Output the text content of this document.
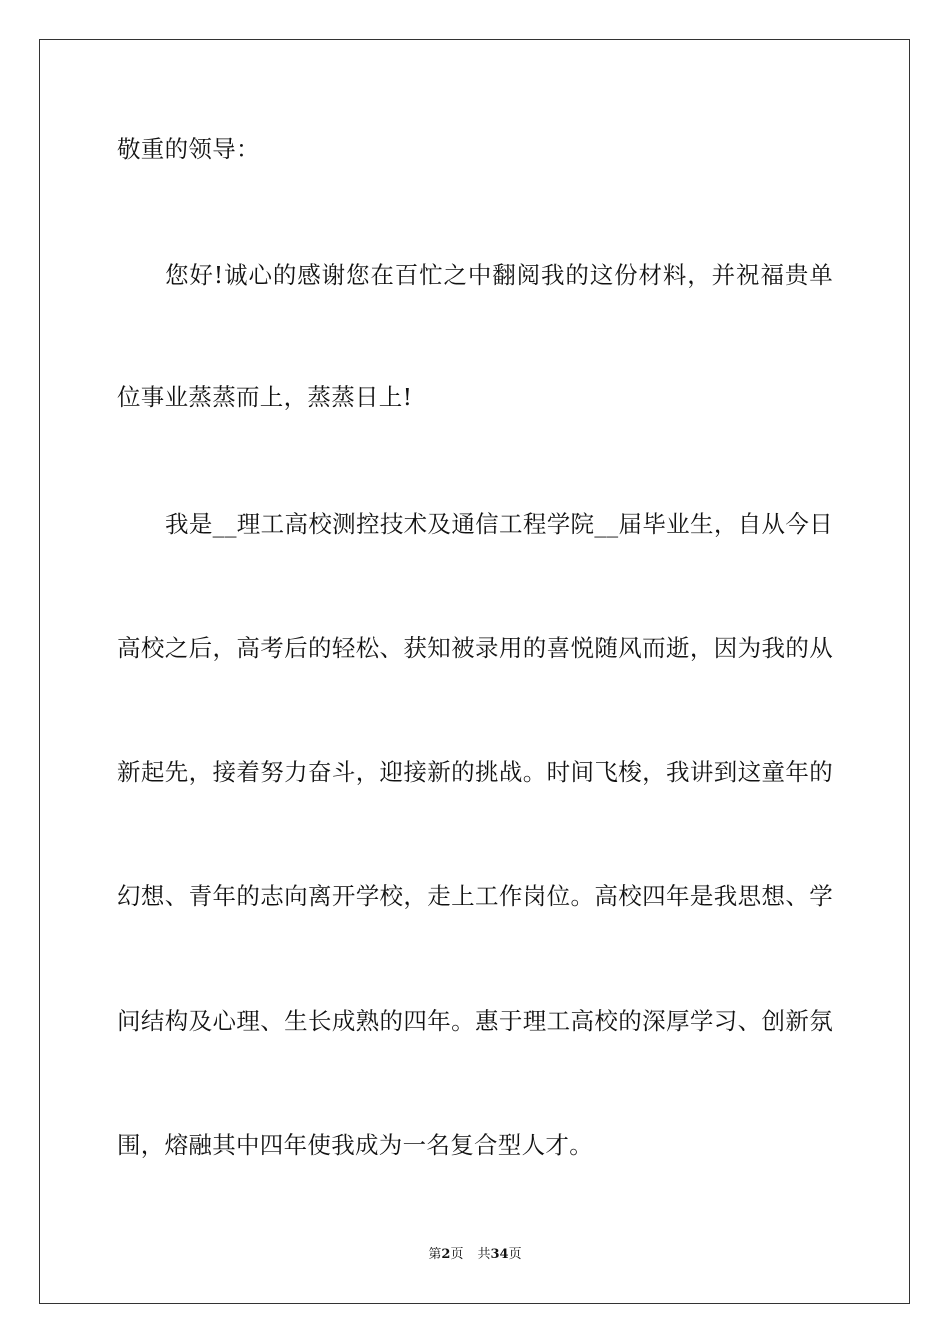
敬重的领导：
您好!诚心的感谢您在百忙之中翻阅我的这份材料，并祝福贵单
位事业蒸蒸而上，蒸蒸日上!
我是__理工高校测控技术及通信工程学院__届毕业生，自从今日
高校之后，高考后的轻松、获知被录用的喜悦随风而逝，因为我的从
新起先，接着努力奋斗，迎接新的挑战。时间飞梭，我讲到这童年的
幻想、青年的志向离开学校，走上工作岗位。高校四年是我思想、学
问结构及心理、生长成熟的四年。惠于理工高校的深厚学习、创新氛
围，熔融其中四年使我成为一名复合型人才。
第2页 共34页
